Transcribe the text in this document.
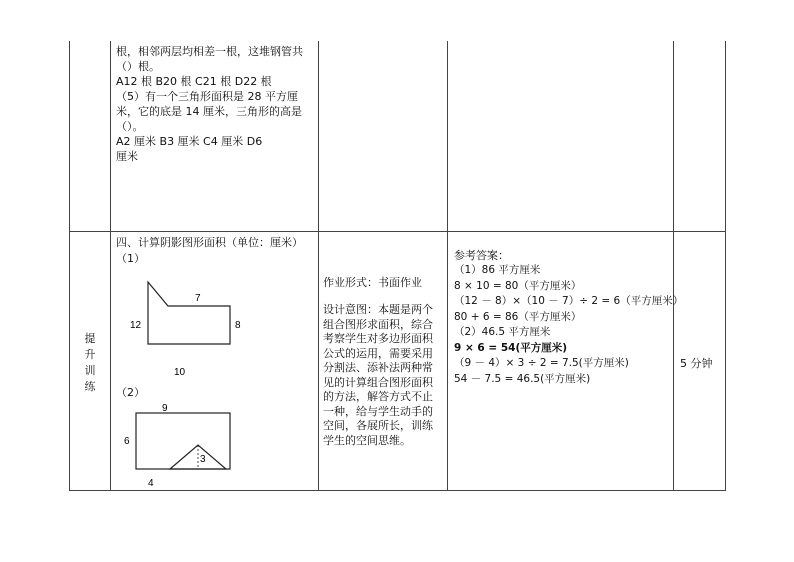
根，相邻两层均相差一根，这堆钢管共
（）根。
A12 根 B20 根 C21 根 D22 根
（5）有一个三角形面积是 28 平方厘
米，它的底是 14 厘米，三角形的高是
（）。
A2 厘米 B3 厘米 C4 厘米 D6
厘米
提
升
训
练
四、计算阴影图形面积（单位：厘米）
（1）
（2）
7
12	8
10
9
6
3
4
作业形式：书面作业
设计意图：本题是两个
组合图形求面积，综合
考察学生对多边形面积
公式的运用，需要采用
分割法、添补法两种常
见的计算组合图形面积
的方法，解答方式不止
一种，给与学生动手的
空间，各展所长，训练
学生的空间思维。
参考答案：
（1）86 平方厘米
8 × 10 = 80（平方厘米）
（12 － 8）×（10 － 7）÷ 2 = 6（平方厘米）
80 + 6 = 86（平方厘米）
（2）46.5 平方厘米
9 × 6 = 54(平方厘米)
（9 － 4）× 3 ÷ 2 = 7.5(平方厘米)
54 － 7.5 = 46.5(平方厘米)
5 分钟
